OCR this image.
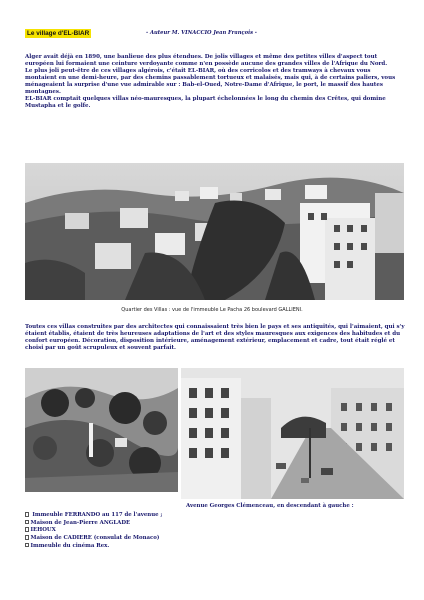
Le village d'EL-BIAR	- Auteur M. VINACCIO Jean François -

Alger avait déjà en 1890, une banlieue des plus étendues. De jolis villages et même des petites villes d'aspect tout européen lui formaient une ceinture verdoyante comme n'en possède aucune des grandes villes de l'Afrique du Nord.

Le plus joli peut-être de ces villages algérois, c'était EL-BIAR, où des corricolos et des tramways à chevaux vous montaient en une demi-heure, par des chemins passablement tortueux et malaisés, mais qui, à de certains paliers, vous ménageaient la surprise d'une vue admirable sur : Bab-el-Oued, Notre-Dame d'Afrique, le port, le massif des hautes montagnes.

EL-BIAR comptait quelques villas néo-mauresques, la plupart échelonnées le long du chemin des Crêtes, qui domine Mustapha et le golfe.

Quartier des Villas : vue de l'immeuble Le Pacha 26 boulevard GALLIENI.
Toutes ces villas construites par des architectes qui connaissaient très bien le pays et ses antiquités, qui l'aimaient, qui s'y étaient établis, étaient de très heureuses adaptations de l'art et des styles mauresques aux exigences des habitudes et du confort européen. Décoration, disposition intérieure, aménagement extérieur, emplacement et cadre, tout était réglé et choisi par un goût scrupuleux et souvent parfait.
Avenue Georges Clémenceau, en descendant à gauche :
Immeuble FERRANDO au 117 de l'avenue ;
Maison de Jean-Pierre ANGLADE
IEHOUX
Maison de CADIERE (consulat de Monaco)
Immeuble du cinéma Rex.
